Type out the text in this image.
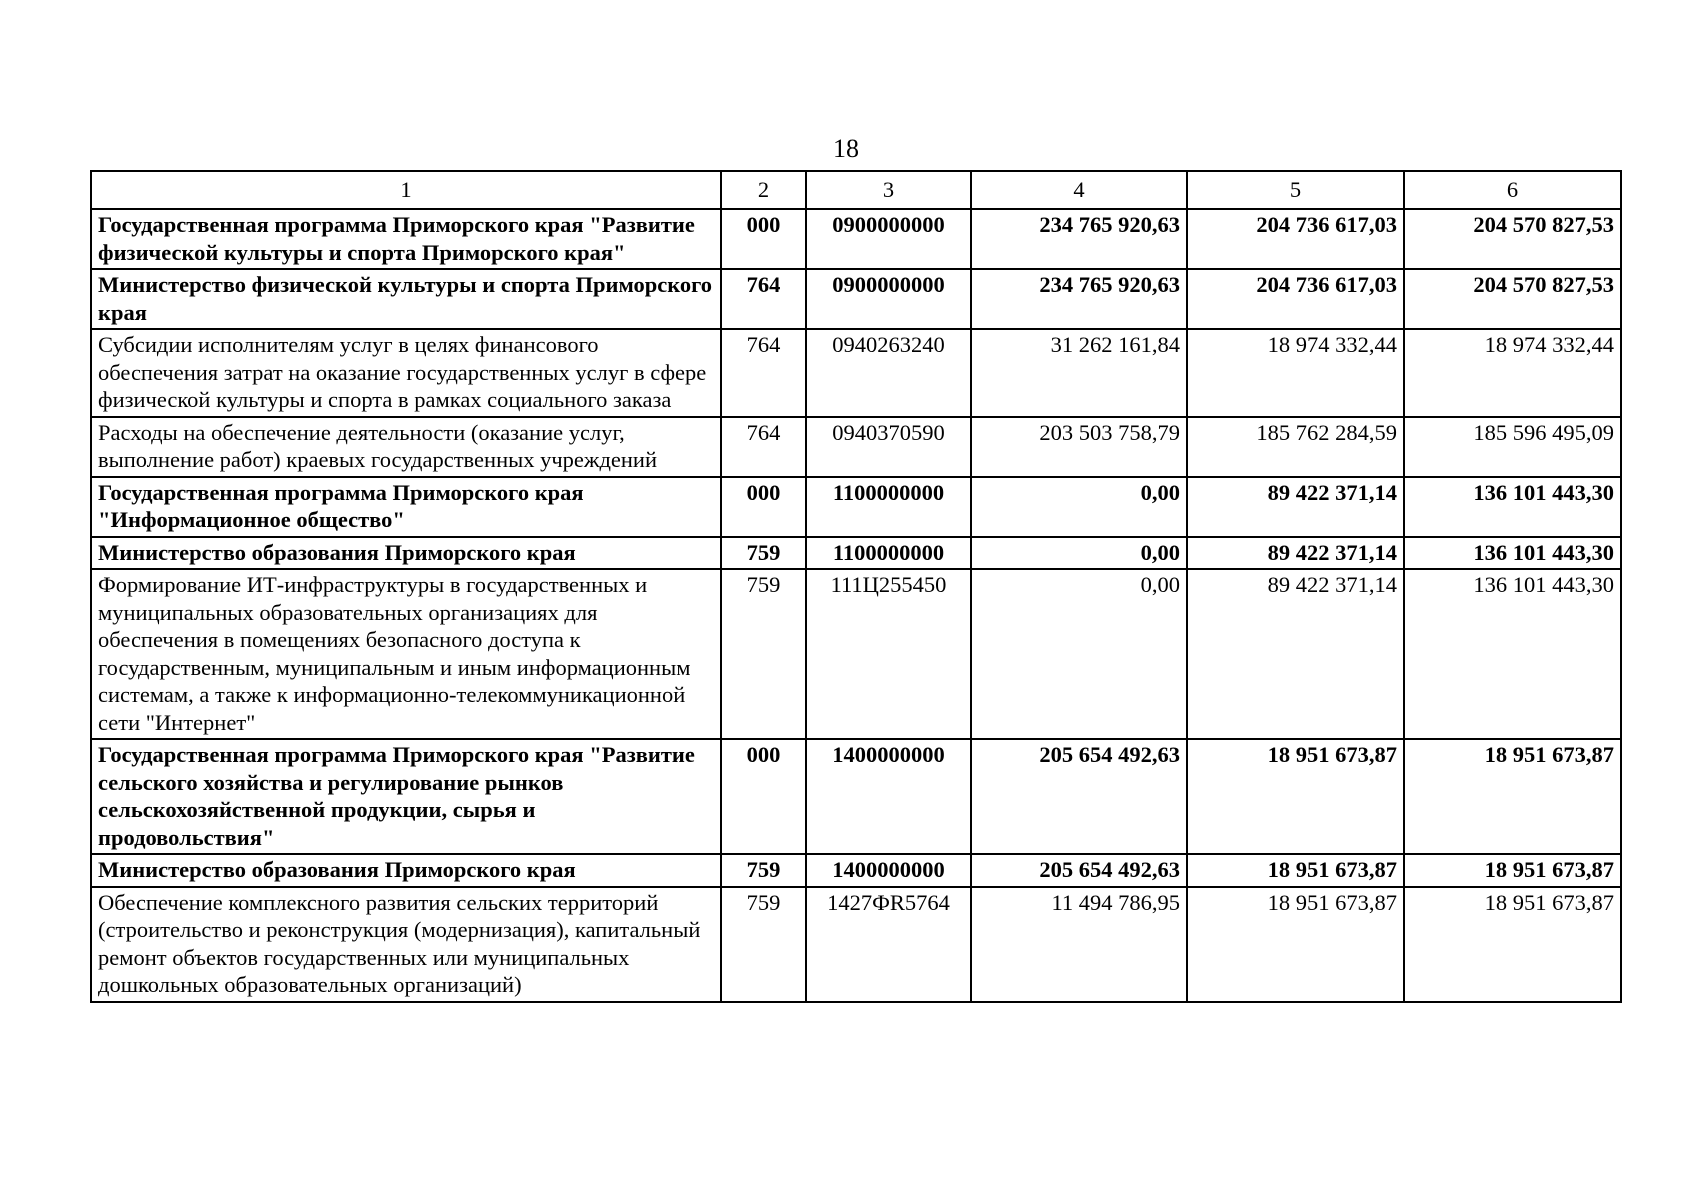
18
1	2	3	4	5	6
Государственная программа Приморского края "Развитие физической культуры и спорта Приморского края"	000	0900000000	234 765 920,63	204 736 617,03	204 570 827,53
Министерство физической культуры и спорта Приморского края	764	0900000000	234 765 920,63	204 736 617,03	204 570 827,53
Субсидии исполнителям услуг в целях финансового обеспечения затрат на оказание государственных услуг в сфере физической культуры и спорта в рамках социального заказа	764	0940263240	31 262 161,84	18 974 332,44	18 974 332,44
Расходы на обеспечение деятельности (оказание услуг, выполнение работ) краевых государственных учреждений	764	0940370590	203 503 758,79	185 762 284,59	185 596 495,09
Государственная программа Приморского края "Информационное общество"	000	1100000000	0,00	89 422 371,14	136 101 443,30
Министерство образования Приморского края	759	1100000000	0,00	89 422 371,14	136 101 443,30
Формирование ИТ-инфраструктуры в государственных и муниципальных образовательных организациях для обеспечения в помещениях безопасного доступа к государственным, муниципальным и иным информационным системам, а также к информационно-телекоммуникационной сети "Интернет"	759	111Ц255450	0,00	89 422 371,14	136 101 443,30
Государственная программа Приморского края "Развитие сельского хозяйства и регулирование рынков сельскохозяйственной продукции, сырья и продовольствия"	000	1400000000	205 654 492,63	18 951 673,87	18 951 673,87
Министерство образования Приморского края	759	1400000000	205 654 492,63	18 951 673,87	18 951 673,87
Обеспечение комплексного развития сельских территорий (строительство и реконструкция (модернизация), капитальный ремонт объектов государственных или муниципальных дошкольных образовательных организаций)	759	1427ФR5764	11 494 786,95	18 951 673,87	18 951 673,87
